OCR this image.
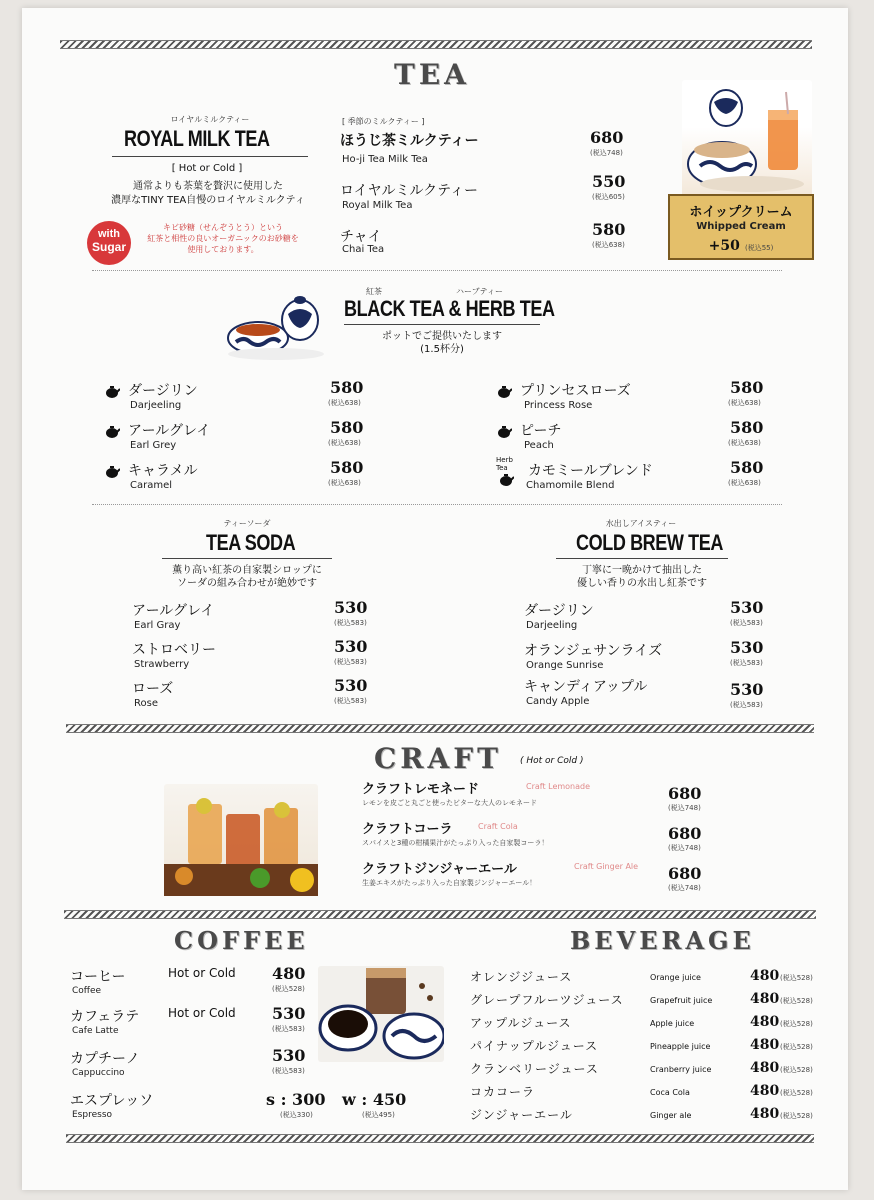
TEA
ロイヤルミルクティー
ROYAL MILK TEA
[ Hot or Cold ]
通常よりも茶葉を贅沢に使用した
濃厚なTINY TEA自慢のロイヤルミルクティ
with
Sugar
キビ砂糖（せんぞうとう）という
紅茶と相性の良いオーガニックのお砂糖を
使用しております。
[ 季節のミルクティー ]
ほうじ茶ミルクティー
Ho-ji Tea Milk Tea
680
(税込748)
ロイヤルミルクティー
Royal Milk Tea
550
(税込605)
チャイ
Chai Tea
580
(税込638)
ホイップクリーム
Whipped Cream
+50 (税込55)
紅茶	ハーブティー
BLACK TEA & HERB TEA
ポットでご提供いたします
(1.5杯分)
ダージリン
Darjeeling
580
(税込638)
アールグレイ
Earl Grey
580
(税込638)
キャラメル
Caramel
580
(税込638)
プリンセスローズ
Princess Rose
580
(税込638)
ピーチ
Peach
580
(税込638)
Herb
Tea	カモミールブレンド
Chamomile Blend
580
(税込638)
ティーソーダ
TEA SODA
薫り高い紅茶の自家製シロップに
ソーダの組み合わせが絶妙です
アールグレイ
Earl Gray
530
(税込583)
ストロベリー
Strawberry
530
(税込583)
ローズ
Rose
530
(税込583)
水出しアイスティー
COLD BREW TEA
丁寧に一晩かけて抽出した
優しい香りの水出し紅茶です
ダージリン
Darjeeling
530
(税込583)
オランジェサンライズ
Orange Sunrise
530
(税込583)
キャンディアップル
Candy Apple
530
(税込583)
CRAFT ( Hot or Cold )
クラフトレモネード	Craft Lemonade
レモンを皮ごと丸ごと使ったビターな大人のレモネード	680
(税込748)
クラフトコーラ	Craft Cola
スパイスと3種の柑橘果汁がたっぷり入った自家製コーラ！	680
(税込748)
クラフトジンジャーエール	Craft Ginger Ale
生姜エキスがたっぷり入った自家製ジンジャーエール！	680
(税込748)
COFFEE
コーヒー
Coffee
Hot or Cold 480
(税込528)
カフェラテ
Cafe Latte
Hot or Cold 530
(税込583)
カプチーノ
Cappuccino
530
(税込583)
エスプレッソ
Espresso
s : 300
(税込330)
w : 450
(税込495)
BEVERAGE
オレンジジュース	Orange juice	480 (税込528)
グレープフルーツジュース	Grapefruit juice	480 (税込528)
アップルジュース	Apple juice	480 (税込528)
パイナップルジュース	Pineapple juice	480 (税込528)
クランベリージュース	Cranberry juice	480 (税込528)
コカコーラ	Coca Cola	480 (税込528)
ジンジャーエール	Ginger ale	480 (税込528)
